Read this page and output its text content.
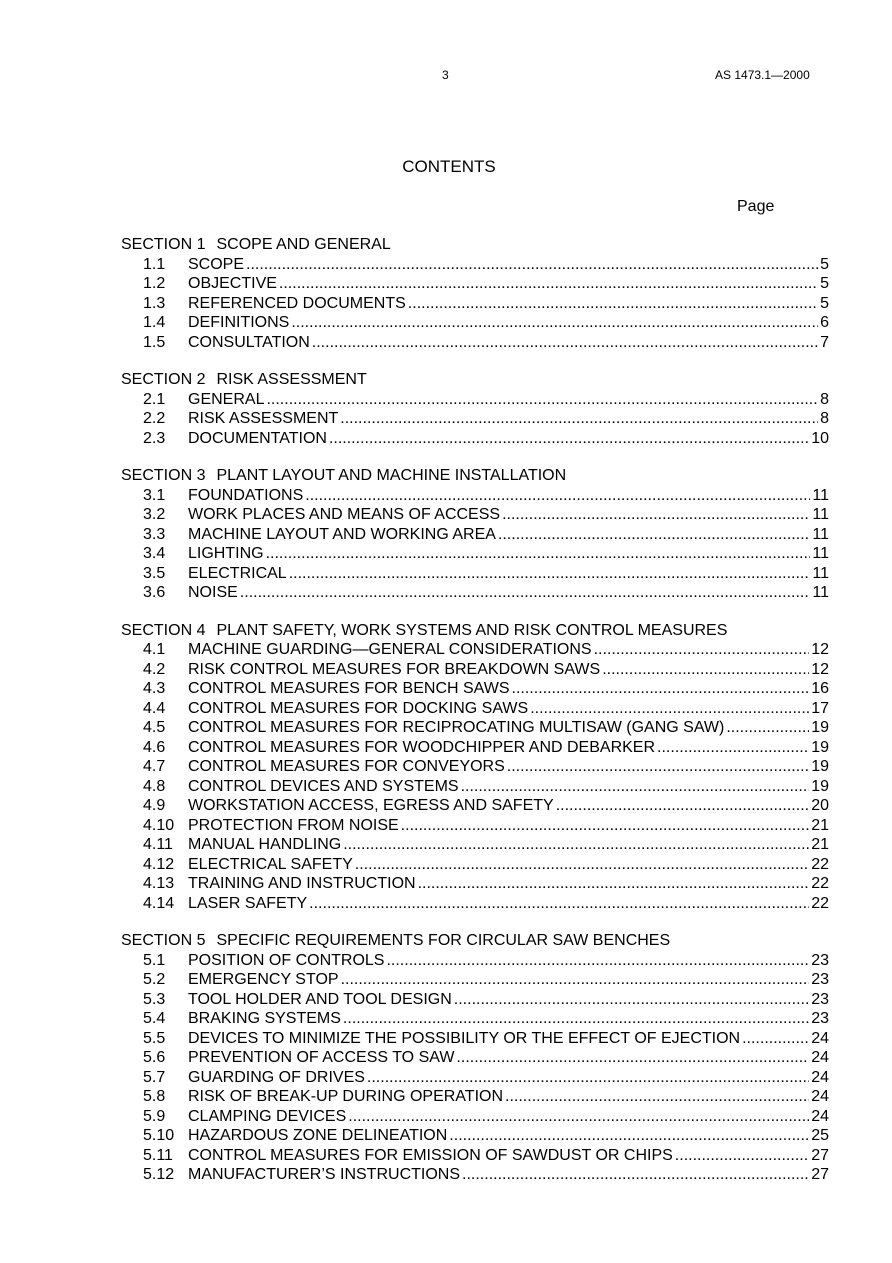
3	AS 1473.1—2000
CONTENTS
Page
SECTION 1 SCOPE AND GENERAL
1.1	SCOPE .....	5
1.2	OBJECTIVE .....	5
1.3	REFERENCED DOCUMENTS .....	5
1.4	DEFINITIONS .....	6
1.5	CONSULTATION .....	7
SECTION 2 RISK ASSESSMENT
2.1	GENERAL .....	8
2.2	RISK ASSESSMENT .....	8
2.3	DOCUMENTATION .....	10
SECTION 3 PLANT LAYOUT AND MACHINE INSTALLATION
3.1	FOUNDATIONS .....	11
3.2	WORK PLACES AND MEANS OF ACCESS .....	11
3.3	MACHINE LAYOUT AND WORKING AREA .....	11
3.4	LIGHTING .....	11
3.5	ELECTRICAL .....	11
3.6	NOISE .....	11
SECTION 4 PLANT SAFETY, WORK SYSTEMS AND RISK CONTROL MEASURES
4.1	MACHINE GUARDING—GENERAL CONSIDERATIONS .....	12
4.2	RISK CONTROL MEASURES FOR BREAKDOWN SAWS .....	12
4.3	CONTROL MEASURES FOR BENCH SAWS .....	16
4.4	CONTROL MEASURES FOR DOCKING SAWS .....	17
4.5	CONTROL MEASURES FOR RECIPROCATING MULTISAW (GANG SAW) .....	19
4.6	CONTROL MEASURES FOR WOODCHIPPER AND DEBARKER .....	19
4.7	CONTROL MEASURES FOR CONVEYORS .....	19
4.8	CONTROL DEVICES AND SYSTEMS .....	19
4.9	WORKSTATION ACCESS, EGRESS AND SAFETY .....	20
4.10 PROTECTION FROM NOISE .....	21
4.11 MANUAL HANDLING .....	21
4.12 ELECTRICAL SAFETY .....	22
4.13 TRAINING AND INSTRUCTION .....	22
4.14 LASER SAFETY .....	22
SECTION 5 SPECIFIC REQUIREMENTS FOR CIRCULAR SAW BENCHES
5.1	POSITION OF CONTROLS .....	23
5.2	EMERGENCY STOP .....	23
5.3	TOOL HOLDER AND TOOL DESIGN .....	23
5.4	BRAKING SYSTEMS .....	23
5.5	DEVICES TO MINIMIZE THE POSSIBILITY OR THE EFFECT OF EJECTION .....	24
5.6	PREVENTION OF ACCESS TO SAW .....	24
5.7	GUARDING OF DRIVES .....	24
5.8	RISK OF BREAK-UP DURING OPERATION .....	24
5.9	CLAMPING DEVICES .....	24
5.10 HAZARDOUS ZONE DELINEATION .....	25
5.11 CONTROL MEASURES FOR EMISSION OF SAWDUST OR CHIPS .....	27
5.12 MANUFACTURER’S INSTRUCTIONS .....	27
